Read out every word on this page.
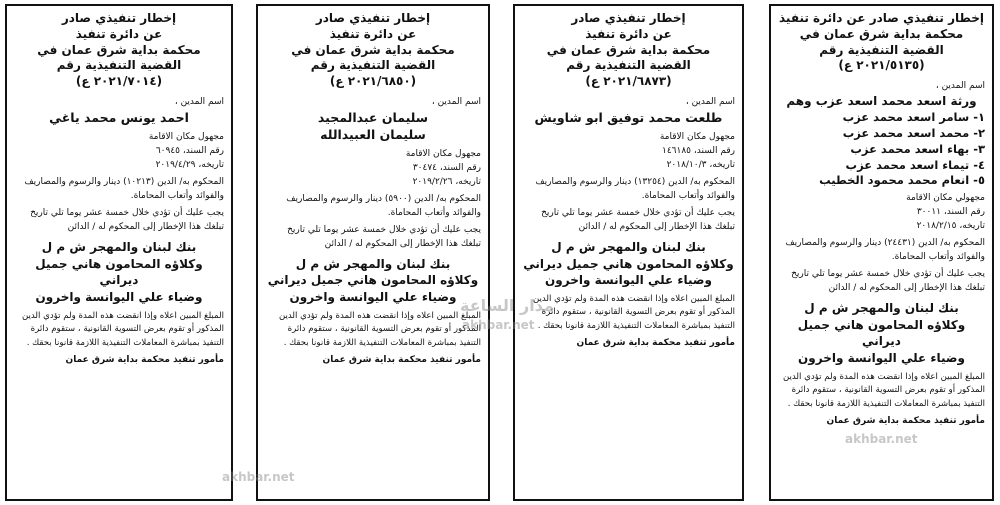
إخطار تنفيذي صادر عن دائرة تنفيذ
محكمة بداية شرق عمان في
القضية التنفيذية رقم
(٢٠٢١/٥١٣٥ ع)
اسم المدين ،
ورثة اسعد محمد اسعد عزب وهم
١- سامر اسعد محمد عزب
٢- محمد اسعد محمد عزب
٣- بهاء اسعد محمد عزب
٤- تيماء اسعد محمد عزب
٥- انعام محمد محمود الخطيب
مجهولي مكان الاقامة
رقم السند، ٣٠٠١١
تاريخه، ٢٠١٨/٢/١٥
المحكوم به/ الدين (٢٤٤٣١) دينار والرسوم والمصاريف والفوائد وأتعاب المحاماة.
يجب عليك أن تؤدي خلال خمسة عشر يوما تلي تاريخ تبلغك هذا الإخطار إلى المحكوم له / الدائن
بنك لبنان والمهجر ش م ل
وكلاؤه المحامون هاني جميل ديراني
وضياء علي اليوانسة واخرون
المبلغ المبين اعلاه وإذا انقضت هذه المدة ولم تؤدي الدين المذكور أو تقوم بعرض التسوية القانونية ، ستقوم دائرة التنفيذ بمباشرة المعاملات التنفيذية اللازمة قانونا بحقك .
مأمور تنفيذ محكمة بداية شرق عمان
إخطار تنفيذي صادر
عن دائرة تنفيذ
محكمة بداية شرق عمان في
القضية التنفيذية رقم
(٢٠٢١/٦٨٧٣ ع)
اسم المدين ،
طلعت محمد توفيق ابو شاويش
مجهول مكان الاقامة
رقم السند، ١٤٦١٨٥
تاريخه، ٢٠١٨/١٠/٣
المحكوم به/ الدين (١٣٢٥٤) دينار والرسوم والمصاريف والفوائد وأتعاب المحاماة.
يجب عليك أن تؤدي خلال خمسة عشر يوما تلي تاريخ تبلغك هذا الإخطار إلى المحكوم له / الدائن
بنك لبنان والمهجر ش م ل
وكلاؤه المحامون هاني جميل ديراني
وضياء علي اليوانسة واخرون
المبلغ المبين اعلاه وإذا انقضت هذه المدة ولم تؤدي الدين المذكور أو تقوم بعرض التسوية القانونية ، ستقوم دائرة التنفيذ بمباشرة المعاملات التنفيذية اللازمة قانونا بحقك .
مأمور تنفيذ محكمة بداية شرق عمان
إخطار تنفيذي صادر
عن دائرة تنفيذ
محكمة بداية شرق عمان في
القضية التنفيذية رقم
(٢٠٢١/٦٨٥٠ ع)
اسم المدين ،
سليمان عبدالمجيد
سليمان العبيدالله
مجهول مكان الاقامة
رقم السند، ٣٠٤٧٤
تاريخه، ٢٠١٩/٢/٢٦
المحكوم به/ الدين (٥٩٠٠) دينار والرسوم والمصاريف والفوائد وأتعاب المحاماة.
يجب عليك أن تؤدي خلال خمسة عشر يوما تلي تاريخ تبلغك هذا الإخطار إلى المحكوم له / الدائن
بنك لبنان والمهجر ش م ل
وكلاؤه المحامون هاني جميل ديراني
وضياء علي اليوانسة واخرون
المبلغ المبين اعلاه وإذا انقضت هذه المدة ولم تؤدي الدين المذكور أو تقوم بعرض التسوية القانونية ، ستقوم دائرة التنفيذ بمباشرة المعاملات التنفيذية اللازمة قانونا بحقك .
مأمور تنفيذ محكمة بداية شرق عمان
إخطار تنفيذي صادر
عن دائرة تنفيذ
محكمة بداية شرق عمان في
القضية التنفيذية رقم
(٢٠٢١/٧٠١٤ ع)
اسم المدين ،
احمد يونس محمد ياغي
مجهول مكان الاقامة
رقم السند، ٦٠٩٤٥
تاريخه، ٢٠١٩/٤/٢٩
المحكوم به/ الدين (١٠٢١٣) دينار والرسوم والمصاريف والفوائد وأتعاب المحاماة.
يجب عليك أن تؤدي خلال خمسة عشر يوما تلي تاريخ تبلغك هذا الإخطار إلى المحكوم له / الدائن
بنك لبنان والمهجر ش م ل
وكلاؤه المحامون هاني جميل ديراني
وضياء علي اليوانسة واخرون
المبلغ المبين اعلاه وإذا انقضت هذه المدة ولم تؤدي الدين المذكور أو تقوم بعرض التسوية القانونية ، ستقوم دائرة التنفيذ بمباشرة المعاملات التنفيذية اللازمة قانونا بحقك .
مأمور تنفيذ محكمة بداية شرق عمان
مدار الساعة
akhbar.net
akhbar.net
akhbar.net
